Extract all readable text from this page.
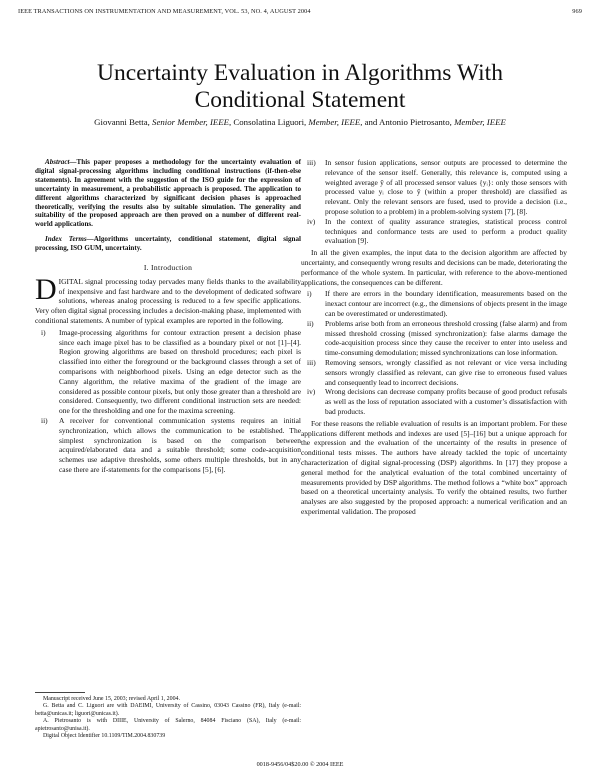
IEEE TRANSACTIONS ON INSTRUMENTATION AND MEASUREMENT, VOL. 53, NO. 4, AUGUST 2004	969
Uncertainty Evaluation in Algorithms With
Conditional Statement
Giovanni Betta, Senior Member, IEEE, Consolatina Liguori, Member, IEEE, and Antonio Pietrosanto, Member, IEEE

Abstract—This paper proposes a methodology for the uncertainty evaluation of digital signal-processing algorithms including conditional instructions (if-then-else statements). In agreement with the suggestion of the ISO guide for the expression of uncertainty in measurement, a probabilistic approach is proposed. The application to different algorithms characterized by significant decision phases is approached theoretically, verifying the results also by suitable simulation. The generality and suitability of the proposed approach are then proved on a number of different real-world applications.

Index Terms—Algorithms uncertainty, conditional statement, digital signal processing, ISO GUM, uncertainty.

I. Introduction

DIGITAL signal processing today pervades many fields thanks to the availability of inexpensive and fast hardware and to the development of dedicated software solutions, whereas analog processing is reduced to a few specific applications. Very often digital signal processing includes a decision-making phase, implemented with conditional statements. A number of typical examples are reported in the following.

i) Image-processing algorithms for contour extraction present a decision phase since each image pixel has to be classified as a boundary pixel or not [1]–[4]. Region growing algorithms are based on threshold procedures; each pixel is classified into either the foreground or the background classes through a set of comparisons with neighborhood pixels. Using an edge detector such as the Canny algorithm, the relative maxima of the gradient of the image are considered as possible contour pixels, but only those greater than a threshold are considered. Consequently, two different conditional instruction sets are needed: one for the thresholding and one for the maxima screening.
ii) A receiver for conventional communication systems requires an initial synchronization, which allows the communication to be established. The simplest synchronization is based on the comparison between acquired/elaborated data and a suitable threshold; some code-acquisition schemes use adaptive thresholds, some others multiple thresholds, but in any case there are if-statements for the comparisons [5], [6].
iii) In sensor fusion applications, sensor outputs are processed to determine the relevance of the sensor itself. Generally, this relevance is, computed using a weighted average ŷ of all processed sensor values {yᵢ}: only those sensors with processed value yᵢ close to ŷ (within a proper threshold) are classified as relevant. Only the relevant sensors are fused, used to provide a decision (i.e., propose solution to a problem) in a problem-solving system [7], [8].
iv) In the context of quality assurance strategies, statistical process control techniques and conformance tests are used to perform a product quality evaluation [9].

In all the given examples, the input data to the decision algorithm are affected by uncertainty, and consequently wrong results and decisions can be made, deteriorating the performance of the whole system. In particular, with reference to the above-mentioned applications, the consequences can be different.

i) If there are errors in the boundary identification, measurements based on the inexact contour are incorrect (e.g., the dimensions of objects present in the image can be overestimated or underestimated).
ii) Problems arise both from an erroneous threshold crossing (false alarm) and from missed threshold crossing (missed synchronization): false alarms damage the code-acquisition process since they cause the receiver to enter into useless and time-consuming demodulation; missed synchronizations can lose information.
iii) Removing sensors, wrongly classified as not relevant or vice versa including sensors wrongly classified as relevant, can give rise to erroneous fused values and consequently lead to incorrect decisions.
iv) Wrong decisions can decrease company profits because of good product refusals as well as the loss of reputation associated with a customer’s dissatisfaction with bad products.

For these reasons the reliable evaluation of results is an important problem. For these applications different methods and indexes are used [5]–[16] but a unique approach for the expression and the evaluation of the uncertainty of the results in presence of conditional tests misses. The authors have already tackled the topic of uncertainty characterization of digital signal-processing (DSP) algorithms. In [17] they propose a general method for the analytical evaluation of the total combined uncertainty of measurements provided by DSP algorithms. The method follows a “white box” approach based on a theoretical uncertainty analysis. To verify the obtained results, two further analyses are also suggested by the proposed approach: a numerical verification and an experimental validation. The proposed

Manuscript received June 15, 2003; revised April 1, 2004.

G. Betta and C. Liguori are with DAEIMI, University of Cassino, 03043 Cassino (FR), Italy (e-mail: betta@unicas.it; liguori@unicas.it).

A. Pietrosanto is with DIIIE, University of Salerno, 84084 Fisciano (SA), Italy (e-mail: apietrosanto@unisa.it).

Digital Object Identifier 10.1109/TIM.2004.830739

0018-9456/04$20.00 © 2004 IEEE
